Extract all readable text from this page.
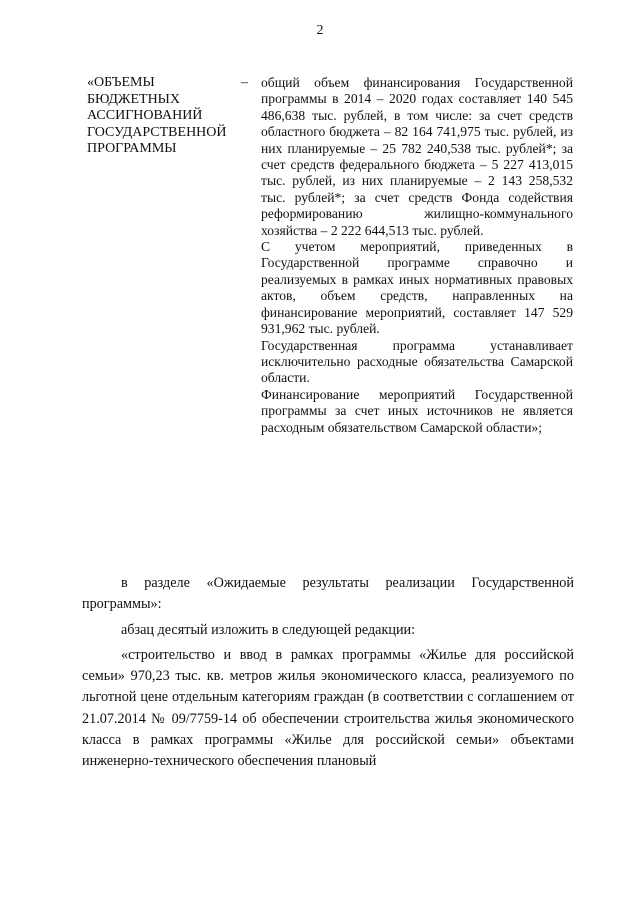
2
«ОБЪЕМЫ
БЮДЖЕТНЫХ
АССИГНОВАНИЙ
ГОСУДАРСТВЕННОЙ
ПРОГРАММЫ
– общий объем финансирования Государственной программы в 2014 – 2020 годах составляет 140 545 486,638 тыс. рублей, в том числе: за счет средств областного бюджета – 82 164 741,975 тыс. рублей, из них планируемые – 25 782 240,538 тыс. рублей*; за счет средств федерального бюджета – 5 227 413,015 тыс. рублей, из них планируемые – 2 143 258,532 тыс. рублей*; за счет средств Фонда содействия реформированию жилищно-коммунального хозяйства – 2 222 644,513 тыс. рублей.

С учетом мероприятий, приведенных в Государственной программе справочно и реализуемых в рамках иных нормативных правовых актов, объем средств, направленных на финансирование мероприятий, составляет 147 529 931,962 тыс. рублей.

Государственная программа устанавливает исключительно расходные обязательства Самарской области.

Финансирование мероприятий Государственной программы за счет иных источников не является расходным обязательством Самарской области»;

в разделе «Ожидаемые результаты реализации Государственной программы»:

абзац десятый изложить в следующей редакции:

«строительство и ввод в рамках программы «Жилье для российской семьи» 970,23 тыс. кв. метров жилья экономического класса, реализуемого по льготной цене отдельным категориям граждан (в соответствии с соглашением от 21.07.2014 № 09/7759-14 об обеспечении строительства жилья экономического класса в рамках программы «Жилье для российской семьи» объектами инженерно-технического обеспечения плановый
